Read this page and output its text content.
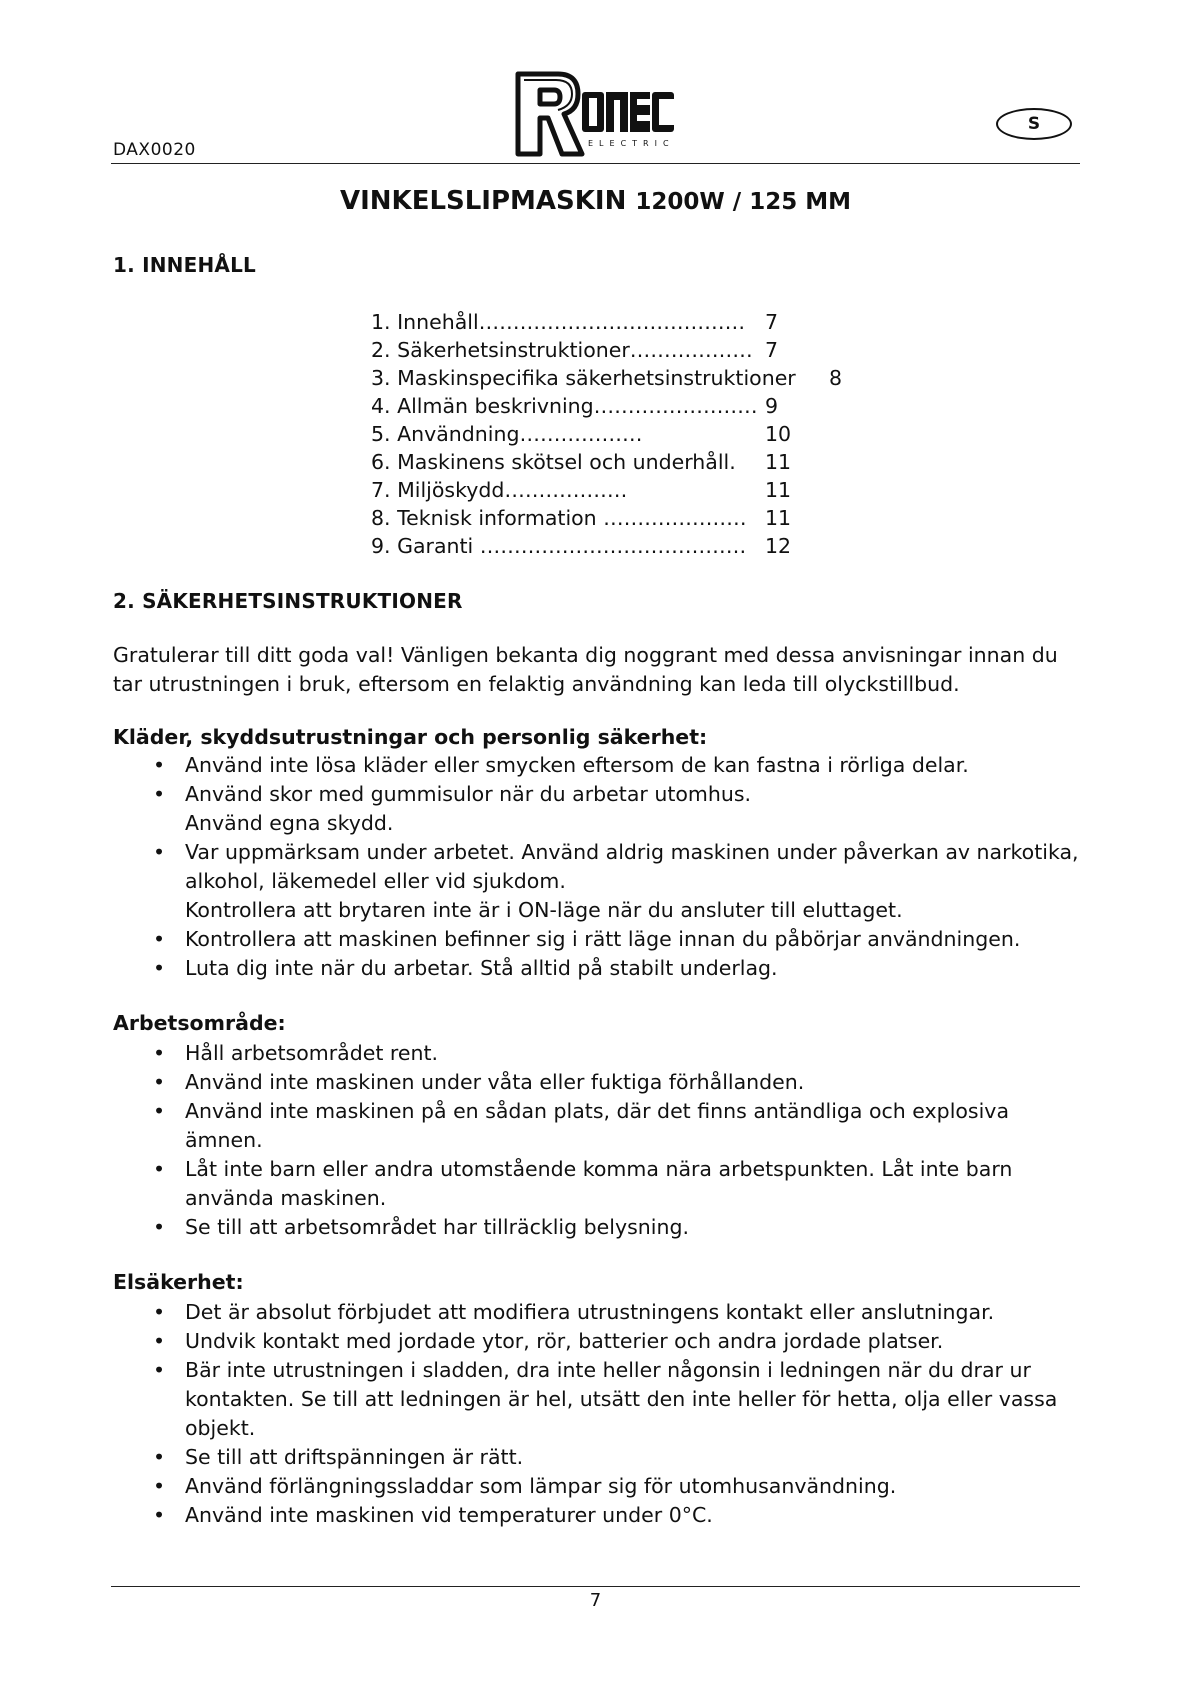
DAX0020	ELECTRIC
S
VINKELSLIPMASKIN 1200W / 125 MM
1. INNEHÅLL
1. Innehåll………………………………… 7
2. Säkerhetsinstruktioner……………… 7
3. Maskinspecifika säkerhetsinstruktioner 8
4. Allmän beskrivning…………………… 9
5. Användning………………	10
6. Maskinens skötsel och underhåll. 11
7. Miljöskydd………………	11
8. Teknisk information ………………… 11
9. Garanti ………………………………… 12
2. SÄKERHETSINSTRUKTIONER

Gratulerar till ditt goda val! Vänligen bekanta dig noggrant med dessa anvisningar innan du tar utrustningen i bruk, eftersom en felaktig användning kan leda till olyckstillbud.

Kläder, skyddsutrustningar och personlig säkerhet:

• Använd inte lösa kläder eller smycken eftersom de kan fastna i rörliga delar.
• Använd skor med gummisulor när du arbetar utomhus.
Använd egna skydd.
• Var uppmärksam under arbetet. Använd aldrig maskinen under påverkan av narkotika, alkohol, läkemedel eller vid sjukdom.
Kontrollera att brytaren inte är i ON-läge när du ansluter till eluttaget.
• Kontrollera att maskinen befinner sig i rätt läge innan du påbörjar användningen.
• Luta dig inte när du arbetar. Stå alltid på stabilt underlag.

Arbetsområde:

• Håll arbetsområdet rent.
• Använd inte maskinen under våta eller fuktiga förhållanden.
• Använd inte maskinen på en sådan plats, där det finns antändliga och explosiva ämnen.
• Låt inte barn eller andra utomstående komma nära arbetspunkten. Låt inte barn använda maskinen.
• Se till att arbetsområdet har tillräcklig belysning.

Elsäkerhet:

• Det är absolut förbjudet att modifiera utrustningens kontakt eller anslutningar.
• Undvik kontakt med jordade ytor, rör, batterier och andra jordade platser.
• Bär inte utrustningen i sladden, dra inte heller någonsin i ledningen när du drar ur kontakten. Se till att ledningen är hel, utsätt den inte heller för hetta, olja eller vassa objekt.
• Se till att driftspänningen är rätt.
• Använd förlängningssladdar som lämpar sig för utomhusanvändning.
• Använd inte maskinen vid temperaturer under 0°C.
7
